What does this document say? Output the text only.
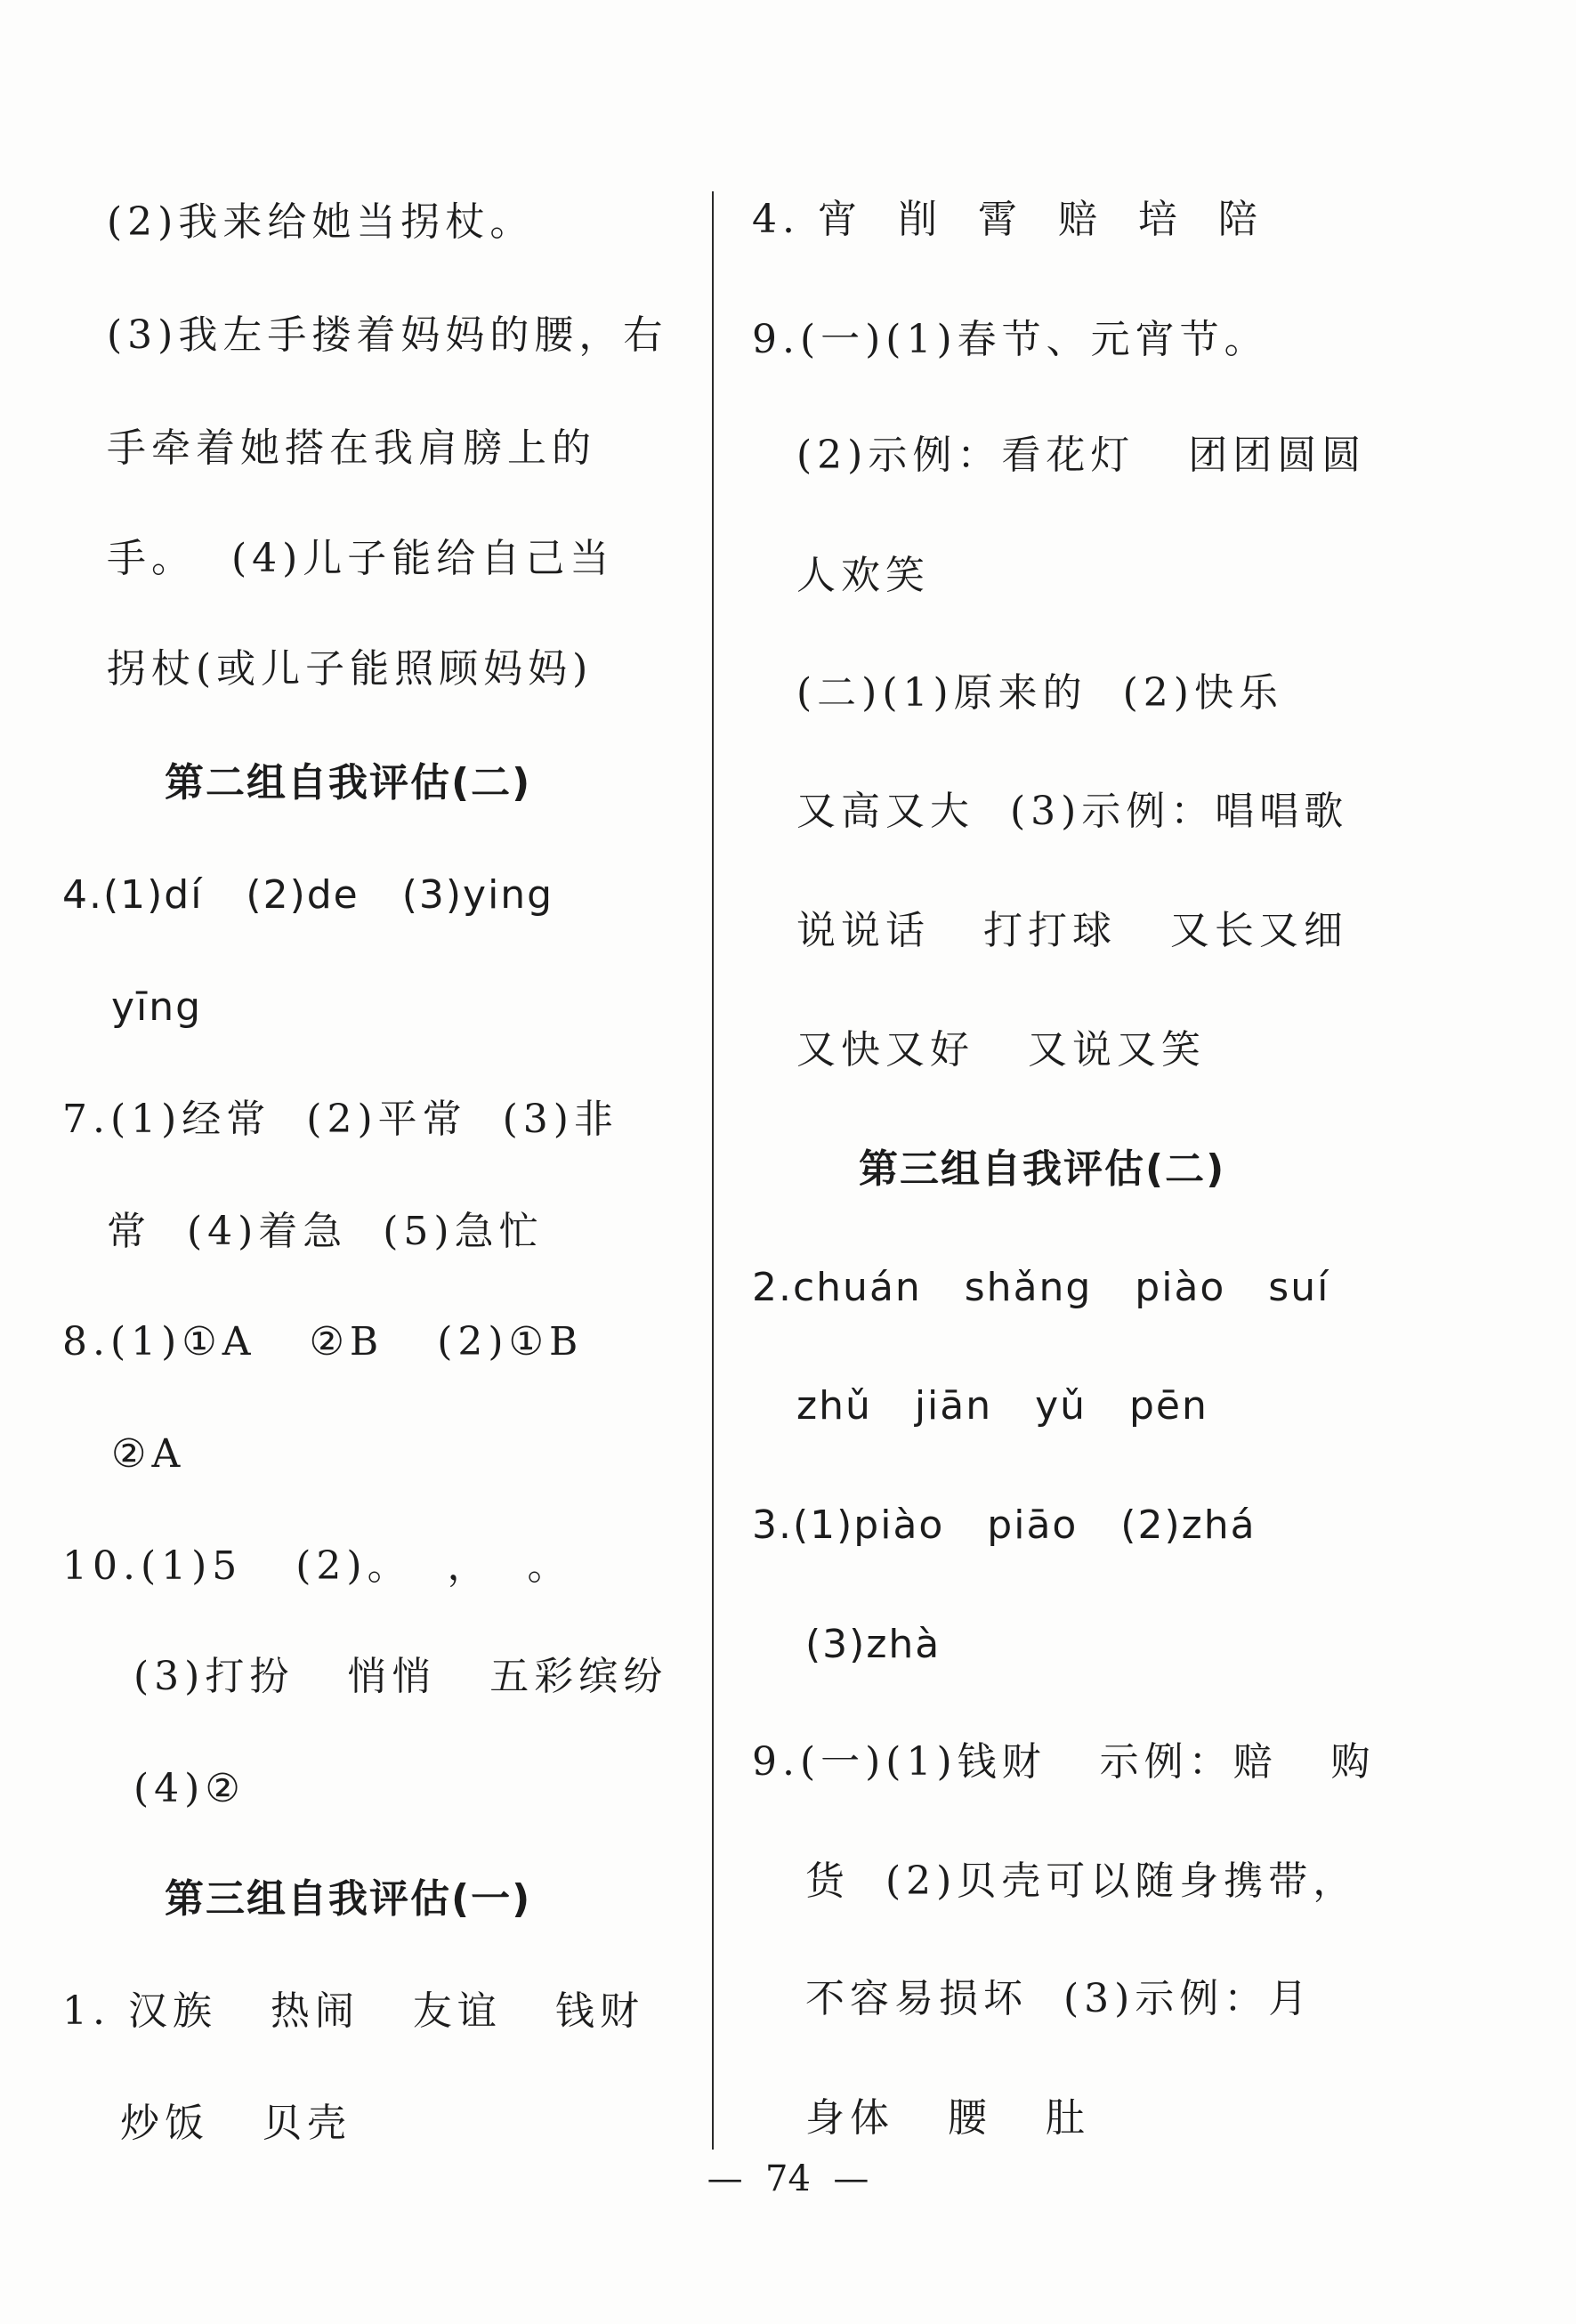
(2)我来给她当拐杖。
(3)我左手搂着妈妈的腰，右
手牵着她搭在我肩膀上的
手。  (4)儿子能给自己当
拐杖(或儿子能照顾妈妈)
第二组自我评估(二)
4.(1)dí   (2)de   (3)ying
yīng
7.(1)经常  (2)平常  (3)非
常  (4)着急  (5)急忙
8.(1)①A   ②B   (2)①B
②A
10.(1)5   (2)。  ，  。
(3)打扮   悄悄   五彩缤纷
(4)②
第三组自我评估(一)
1. 汉族   热闹   友谊   钱财
炒饭   贝壳
4. 宵  削  霄  赔  培  陪
9.(一)(1)春节、元宵节。
(2)示例：看花灯   团团圆圆
人欢笑
(二)(1)原来的  (2)快乐
又高又大  (3)示例：唱唱歌
说说话   打打球   又长又细
又快又好   又说又笑
第三组自我评估(二)
2.chuán   shǎng   piào   suí
zhǔ   jiān   yǔ   pēn
3.(1)piào   piāo   (2)zhá
(3)zhà
9.(一)(1)钱财   示例：赔   购
货  (2)贝壳可以随身携带，
不容易损坏  (3)示例：月
身体   腰   肚
—  74  —
